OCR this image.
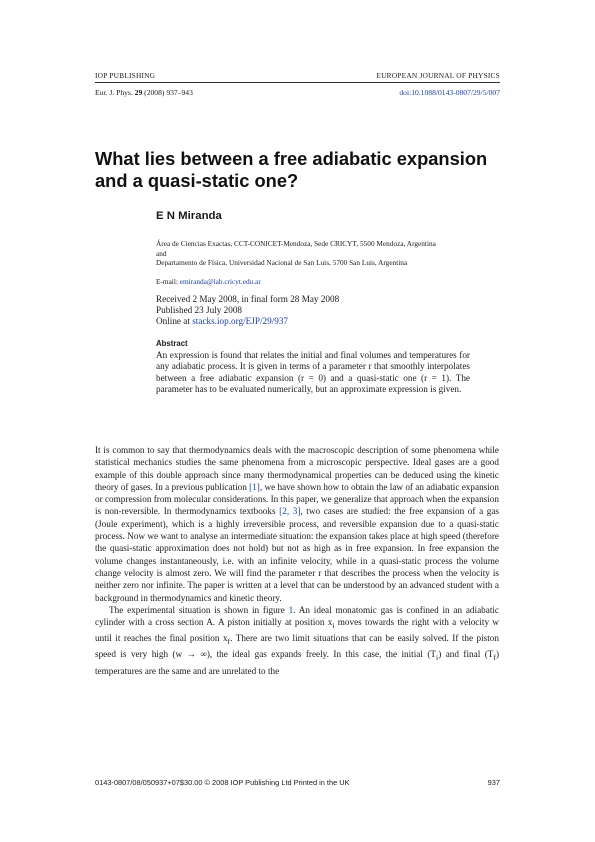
IOP PUBLISHING	EUROPEAN JOURNAL OF PHYSICS
Eur. J. Phys. 29 (2008) 937–943	doi:10.1088/0143-0807/29/5/007
What lies between a free adiabatic expansion and a quasi-static one?
E N Miranda
Área de Ciencias Exactas, CCT-CONICET-Mendoza, Sede CRICYT, 5500 Mendoza, Argentina
and
Departamento de Física, Universidad Nacional de San Luis, 5700 San Luis, Argentina
E-mail: emiranda@lab.cricyt.edu.ar
Received 2 May 2008, in final form 28 May 2008
Published 23 July 2008
Online at stacks.iop.org/EJP/29/937
Abstract

An expression is found that relates the initial and final volumes and temperatures for any adiabatic process. It is given in terms of a parameter r that smoothly interpolates between a free adiabatic expansion (r = 0) and a quasi-static one (r = 1). The parameter has to be evaluated numerically, but an approximate expression is given.

It is common to say that thermodynamics deals with the macroscopic description of some phenomena while statistical mechanics studies the same phenomena from a microscopic perspective. Ideal gases are a good example of this double approach since many thermodynamical properties can be deduced using the kinetic theory of gases. In a previous publication [1], we have shown how to obtain the law of an adiabatic expansion or compression from molecular considerations. In this paper, we generalize that approach when the expansion is non-reversible. In thermodynamics textbooks [2, 3], two cases are studied: the free expansion of a gas (Joule experiment), which is a highly irreversible process, and reversible expansion due to a quasi-static process. Now we want to analyse an intermediate situation: the expansion takes place at high speed (therefore the quasi-static approximation does not hold) but not as high as in free expansion. In free expansion the volume changes instantaneously, i.e. with an infinite velocity, while in a quasi-static process the volume change velocity is almost zero. We will find the parameter r that describes the process when the velocity is neither zero nor infinite. The paper is written at a level that can be understood by an advanced student with a background in thermodynamics and kinetic theory.

The experimental situation is shown in figure 1. An ideal monatomic gas is confined in an adiabatic cylinder with a cross section A. A piston initially at position $x_i$ moves towards the right with a velocity w until it reaches the final position $x_f$. There are two limit situations that can be easily solved. If the piston speed is very high (w → ∞), the ideal gas expands freely. In this case, the initial $(T_i)$ and final $(T_f)$ temperatures are the same and are unrelated to the

0143-0807/08/050937+07$30.00 © 2008 IOP Publishing Ltd Printed in the UK	937
